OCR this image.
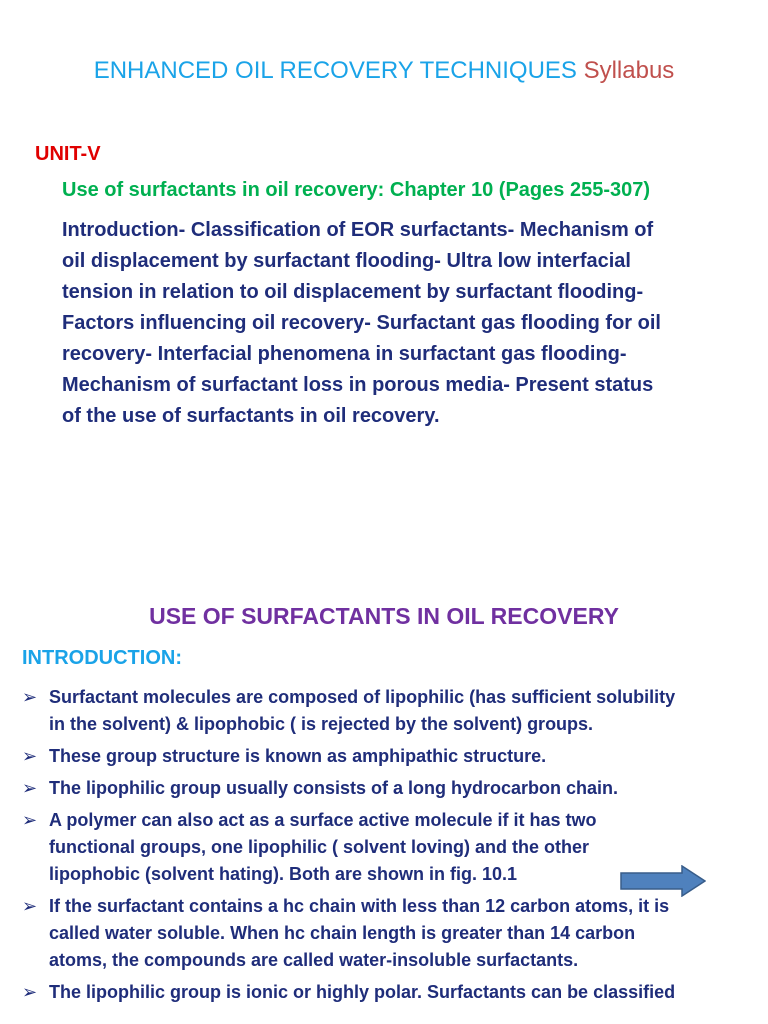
ENHANCED OIL RECOVERY TECHNIQUES Syllabus
UNIT-V
Use of surfactants in oil recovery: Chapter 10 (Pages 255-307)
Introduction- Classification of EOR surfactants- Mechanism of
oil displacement by surfactant flooding- Ultra low interfacial
tension in relation to oil displacement by surfactant flooding-
Factors influencing oil recovery- Surfactant gas flooding for oil
recovery- Interfacial phenomena in surfactant gas flooding-
Mechanism of surfactant loss in porous media- Present status
of the use of surfactants in oil recovery.
USE OF SURFACTANTS IN OIL RECOVERY
INTRODUCTION:
➢ Surfactant molecules are composed of lipophilic (has sufficient solubility
in the solvent) & lipophobic ( is rejected by the solvent) groups.
➢ These group structure is known as amphipathic structure.
➢ The lipophilic group usually consists of a long hydrocarbon chain.
➢ A polymer can also act as a surface active molecule if it has two
functional groups, one lipophilic ( solvent loving) and the other
lipophobic (solvent hating). Both are shown in fig. 10.1
➢ If the surfactant contains a hc chain with less than 12 carbon atoms, it is
called water soluble. When hc chain length is greater than 14 carbon
atoms, the compounds are called water-insoluble surfactants.
➢ The lipophilic group is ionic or highly polar. Surfactants can be classified
